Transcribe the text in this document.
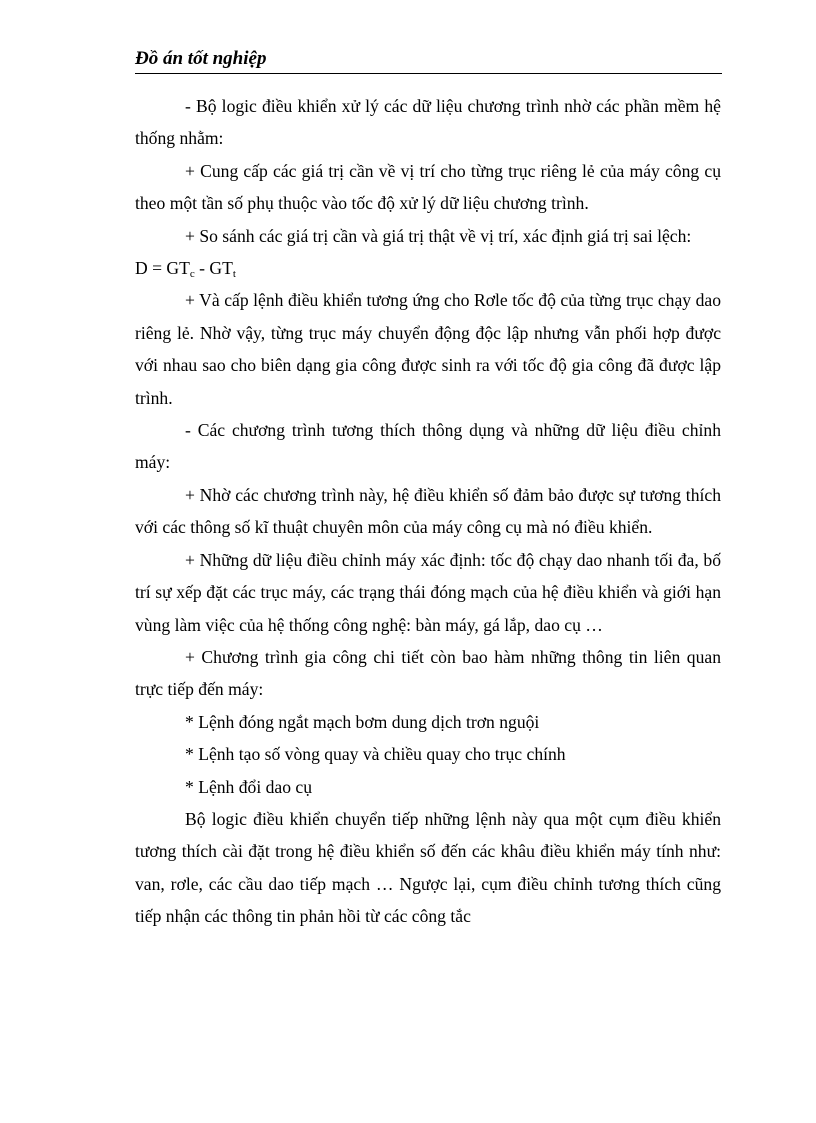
Đồ án tốt nghiệp

- Bộ logic điều khiển xử lý các dữ liệu chương trình nhờ các phần mềm hệ thống nhằm:

+ Cung cấp các giá trị cần về vị trí cho từng trục riêng lẻ của máy công cụ theo một tần số phụ thuộc vào tốc độ xử lý dữ liệu chương trình.

+ So sánh các giá trị cần và giá trị thật về vị trí, xác định giá trị sai lệch:

$D = GT_c - GT_t$

+ Và cấp lệnh điều khiển tương ứng cho Rơle tốc độ của từng trục chạy dao riêng lẻ. Nhờ vậy, từng trục máy chuyển động độc lập nhưng vẫn phối hợp được với nhau sao cho biên dạng gia công được sinh ra với tốc độ gia công đã được lập trình.

- Các chương trình tương thích thông dụng và những dữ liệu điều chỉnh máy:

+ Nhờ các chương trình này, hệ điều khiển số đảm bảo được sự tương thích với các thông số kĩ thuật chuyên môn của máy công cụ mà nó điều khiển.

+ Những dữ liệu điều chỉnh máy xác định: tốc độ chạy dao nhanh tối đa, bố trí sự xếp đặt các trục máy, các trạng thái đóng mạch của hệ điều khiển và giới hạn vùng làm việc của hệ thống công nghệ: bàn máy, gá lắp, dao cụ …

+ Chương trình gia công chi tiết còn bao hàm những thông tin liên quan trực tiếp đến máy:

* Lệnh đóng ngắt mạch bơm dung dịch trơn nguội

* Lệnh tạo số vòng quay và chiều quay cho trục chính

* Lệnh đổi dao cụ

Bộ logic điều khiển chuyển tiếp những lệnh này qua một cụm điều khiển tương thích cài đặt trong hệ điều khiển số đến các khâu điều khiển máy tính như: van, rơle, các cầu dao tiếp mạch … Ngược lại, cụm điều chỉnh tương thích cũng tiếp nhận các thông tin phản hồi từ các công tắc
